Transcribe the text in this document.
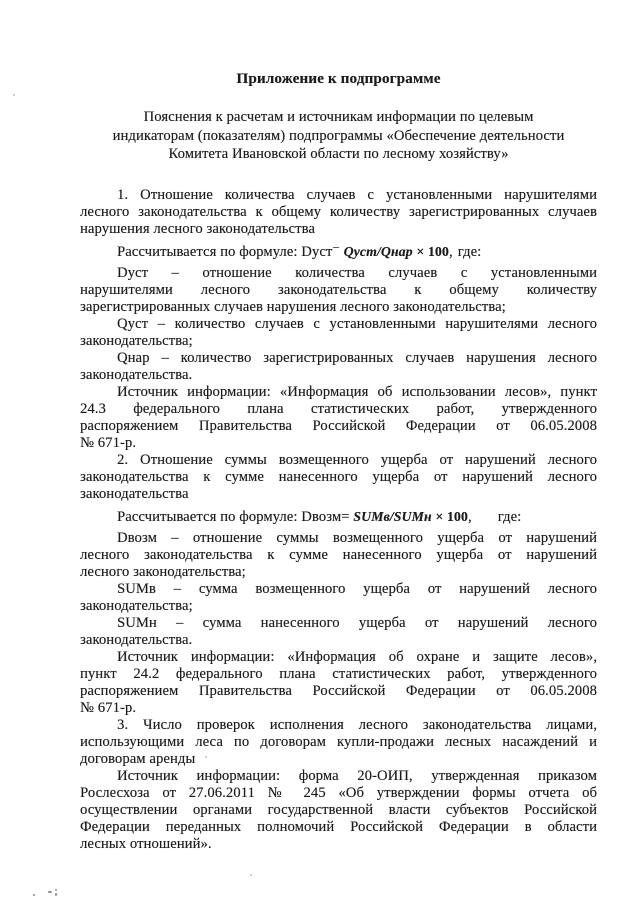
Приложение к подпрограмме
Пояснения к расчетам и источникам информации по целевым
индикаторам (показателям) подпрограммы «Обеспечение деятельности
Комитета Ивановской области по лесному хозяйству»
1. Отношение количества случаев с установленными нарушителями
лесного законодательства к общему количеству зарегистрированных случаев
нарушения лесного законодательства
Рассчитывается по формуле: Dуст− Qуст/Qнар × 100, где:
Dуст – отношение количества случаев с установленными
нарушителями лесного законодательства к общему количеству
зарегистрированных случаев нарушения лесного законодательства;
Qуст – количество случаев с установленными нарушителями лесного
законодательства;
Qнар – количество зарегистрированных случаев нарушения лесного
законодательства.
Источник информации: «Информация об использовании лесов», пункт
24.3 федерального плана статистических работ, утвержденного
распоряжением Правительства Российской Федерации от 06.05.2008
№ 671-р.
2. Отношение суммы возмещенного ущерба от нарушений лесного
законодательства к сумме нанесенного ущерба от нарушений лесного
законодательства
Рассчитывается по формуле: Dвозм= SUMв/SUMн × 100, где:
Dвозм – отношение суммы возмещенного ущерба от нарушений
лесного законодательства к сумме нанесенного ущерба от нарушений
лесного законодательства;
SUMв – сумма возмещенного ущерба от нарушений лесного
законодательства;
SUMн – сумма нанесенного ущерба от нарушений лесного
законодательства.
Источник информации: «Информация об охране и защите лесов»,
пункт 24.2 федерального плана статистических работ, утвержденного
распоряжением Правительства Российской Федерации от 06.05.2008
№ 671-р.
3. Число проверок исполнения лесного законодательства лицами,
использующими леса по договорам купли-продажи лесных насаждений и
договорам аренды
Источник информации: форма 20-ОИП, утвержденная приказом
Рослесхоза от 27.06.2011 № 245 «Об утверждении формы отчета об
осуществлении органами государственной власти субъектов Российской
Федерации переданных полномочий Российской Федерации в области
лесных отношений».
